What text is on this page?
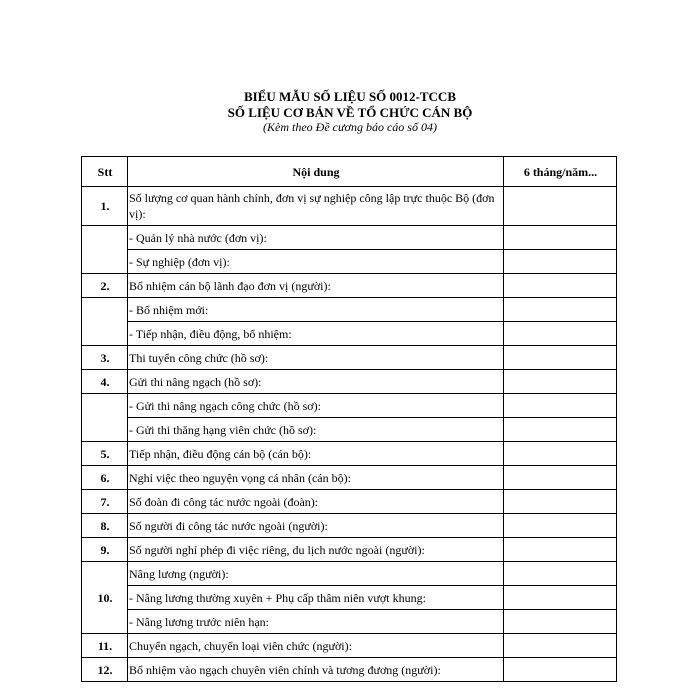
BIỂU MẪU SỐ LIỆU SỐ 0012-TCCB
SỐ LIỆU CƠ BẢN VỀ TỔ CHỨC CÁN BỘ
(Kèm theo Đề cương báo cáo số 04)
Stt	Nội dung	6 tháng/năm...
1.	Số lượng cơ quan hành chính, đơn vị sự nghiệp công lập trực thuộc Bộ (đơn vị):	

	- Quản lý nhà nước (đơn vị):	
	- Sự nghiệp (đơn vị):	
2.	Bổ nhiệm cán bộ lãnh đạo đơn vị (người):	
	- Bổ nhiệm mới:	
	- Tiếp nhận, điều động, bổ nhiệm:	
3.	Thi tuyển công chức (hồ sơ):	
4.	Gửi thi nâng ngạch (hồ sơ):	
	- Gửi thi nâng ngạch công chức (hồ sơ):	
	- Gửi thi thăng hạng viên chức (hồ sơ):	
5.	Tiếp nhận, điều động cán bộ (cán bộ):	
6.	Nghỉ việc theo nguyện vọng cá nhân (cán bộ):	
7.	Số đoàn đi công tác nước ngoài (đoàn):	
8.	Số người đi công tác nước ngoài (người):	
9.	Số người nghỉ phép đi việc riêng, du lịch nước ngoài (người):	
10.	Nâng lương (người):	
	- Nâng lương thường xuyên + Phụ cấp thâm niên vượt khung:	
	- Nâng lương trước niên hạn:	
11.	Chuyển ngạch, chuyển loại viên chức (người):	
12.	Bổ nhiệm vào ngạch chuyên viên chính và tương đương (người):	
